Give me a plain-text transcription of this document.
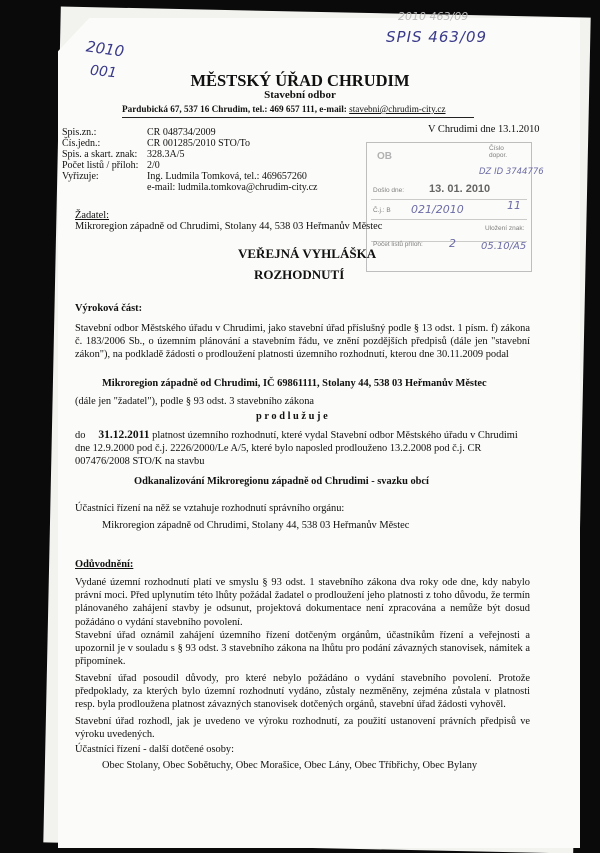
2010
001
SPIS 463/09
2010 463/09
MĚSTSKÝ ÚŘAD CHRUDIM
Stavební odbor
Pardubická 67, 537 16 Chrudim, tel.: 469 657 111, e-mail: stavebni@chrudim-city.cz
Spis.zn.:
Čís.jedn.:
Spis. a skart. znak:
Počet listů / příloh:
Vyřizuje:
CR 048734/2009
CR 001285/2010 STO/To
328.3A/5
2/0
Ing. Ludmila Tomková, tel.: 469657260
e-mail: ludmila.tomkova@chrudim-city.cz
V Chrudimi dne 13.1.2010
OB
Číslo
dopor.
DZ ID 3744776
Došlo dne: 13. 01. 2010
Č.j.: B 021/2010	11
Počet listů příloh: 2
Uložení znak:
05.10/A5
Žadatel:
Mikroregion západně od Chrudimi, Stolany 44, 538 03 Heřmanův Městec
VEŘEJNÁ VYHLÁŠKA
ROZHODNUTÍ
Výroková část:
Stavební odbor Městského úřadu v Chrudimi, jako stavební úřad příslušný podle § 13 odst. 1 písm. f) zákona č. 183/2006 Sb., o územním plánování a stavebním řádu, ve znění pozdějších předpisů (dále jen "stavební zákon"), na podkladě žádosti o prodloužení platnosti územního rozhodnutí, kterou dne 30.11.2009 podal
Mikroregion západně od Chrudimi, IČ 69861111, Stolany 44, 538 03 Heřmanův Městec
(dále jen "žadatel"), podle § 93 odst. 3 stavebního zákona
p r o d l u ž u j e
do 31.12.2011 platnost územního rozhodnutí, které vydal Stavební odbor Městského úřadu v Chrudimi
dne 12.9.2000 pod č.j. 2226/2000/Le A/5, které bylo naposled prodlouženo 13.2.2008 pod č.j. CR
007476/2008 STO/K na stavbu
Odkanalizování Mikroregionu západně od Chrudimi - svazku obcí
Účastníci řízení na něž se vztahuje rozhodnutí správního orgánu:
Mikroregion západně od Chrudimi, Stolany 44, 538 03 Heřmanův Městec
Odůvodnění:
Vydané územní rozhodnutí platí ve smyslu § 93 odst. 1 stavebního zákona dva roky ode dne, kdy nabylo právní moci. Před uplynutím této lhůty požádal žadatel o prodloužení jeho platnosti z toho důvodu, že termín plánovaného zahájení stavby je odsunut, projektová dokumentace není zpracována a nemůže být dosud požádáno o vydání stavebního povolení.
Stavební úřad oznámil zahájení územního řízení dotčeným orgánům, účastníkům řízení a veřejnosti a upozornil je v souladu s § 93 odst. 3 stavebního zákona na lhůtu pro podání závazných stanovisek, námitek a připomínek.
Stavební úřad posoudil důvody, pro které nebylo požádáno o vydání stavebního povolení. Protože předpoklady, za kterých bylo územní rozhodnutí vydáno, zůstaly nezměněny, zejména zůstala v platnosti resp. byla prodloužena platnost závazných stanovisek dotčených orgánů, stavební úřad žádosti vyhověl.
Stavební úřad rozhodl, jak je uvedeno ve výroku rozhodnutí, za použití ustanovení právních předpisů ve výroku uvedených.
Účastníci řízení - další dotčené osoby:
Obec Stolany, Obec Sobětuchy, Obec Morašice, Obec Lány, Obec Tříbřichy, Obec Bylany
